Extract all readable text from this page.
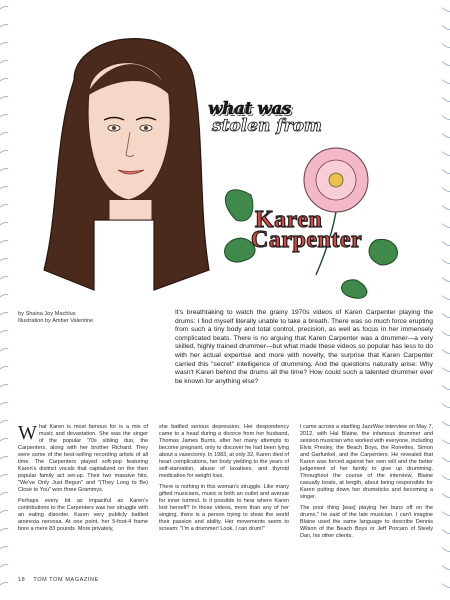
what was
stolen from
Karen
Carpenter
by Shaina Joy Machlus
Illustration by Amber Valentine

It's breathtaking to watch the grainy 1970s videos of Karen Carpenter playing the drums: I find myself literally unable to take a breath. There was so much force erupting from such a tiny body and total control, precision, as well as focus in her immensely complicated beats. There is no arguing that Karen Carpenter was a drummer—a very skilled, highly trained drummer—but what made these videos so popular has less to do with her actual expertise and more with novelty, the surprise that Karen Carpenter carried this "secret" intelligence of drumming. And the questions naturally arise: Why wasn't Karen behind the drums all the time? How could such a talented drummer ever be known for anything else?

What Karen is most famous for is a mix of music and devastation. She was the singer of the popular '70s sibling duo, the Carpenters, along with her brother Richard. They were some of the best-selling recording artists of all time. The Carpenters played soft-pop featuring Karen's distinct vocals that capitalized on the then popular family act set-up. Their two massive hits, "We've Only Just Begun" and "(They Long to Be) Close to You" won three Grammys.

Perhaps every bit as impactful as Karen's contributions to the Carpenters was her struggle with an eating disorder. Karen very publicly battled anorexia nervosa. At one point, her 5-foot-4 frame bore a mere 83 pounds. More privately,

she battled serious depression. Her despondency came to a head during a divorce from her husband, Thomas James Burris, after her many attempts to become pregnant, only to discover he had been lying about a vasectomy. In 1983, at only 32, Karen died of heart complications, her body yielding to the years of self-starvation, abuse of laxatives, and thyroid medication for weight loss.

There is nothing in this woman's struggle. Like many gifted musicians, music is both an outlet and avenue for inner turmoil. Is it possible to hear where Karen lost herself? In those videos, more than any of her singing, there is a person trying to show the world their passion and ability. Her movements seem to scream: "I'm a drummer! Look, I can drum!"

I came across a startling JazzWax interview on May 7, 2012, with Hal Blaine, the infamous drummer and session musician who worked with everyone, including Elvis Presley, the Beach Boys, the Ronettes, Simon and Garfunkel, and the Carpenters. He revealed that Karen was forced against her own will and the better judgement of her family to give up drumming. Throughout the course of the interview, Blaine casually boats, at length, about being responsible for Karen putting down her drumsticks and becoming a singer.

The poor thing [was] playing her buns off on the drums," he said of the late musician. I can't imagine Blaine used the same language to describe Dennis Wilson of the Beach Boys or Jeff Porcaro of Steely Dan, his other clients.

18 TOM TOM MAGAZINE
